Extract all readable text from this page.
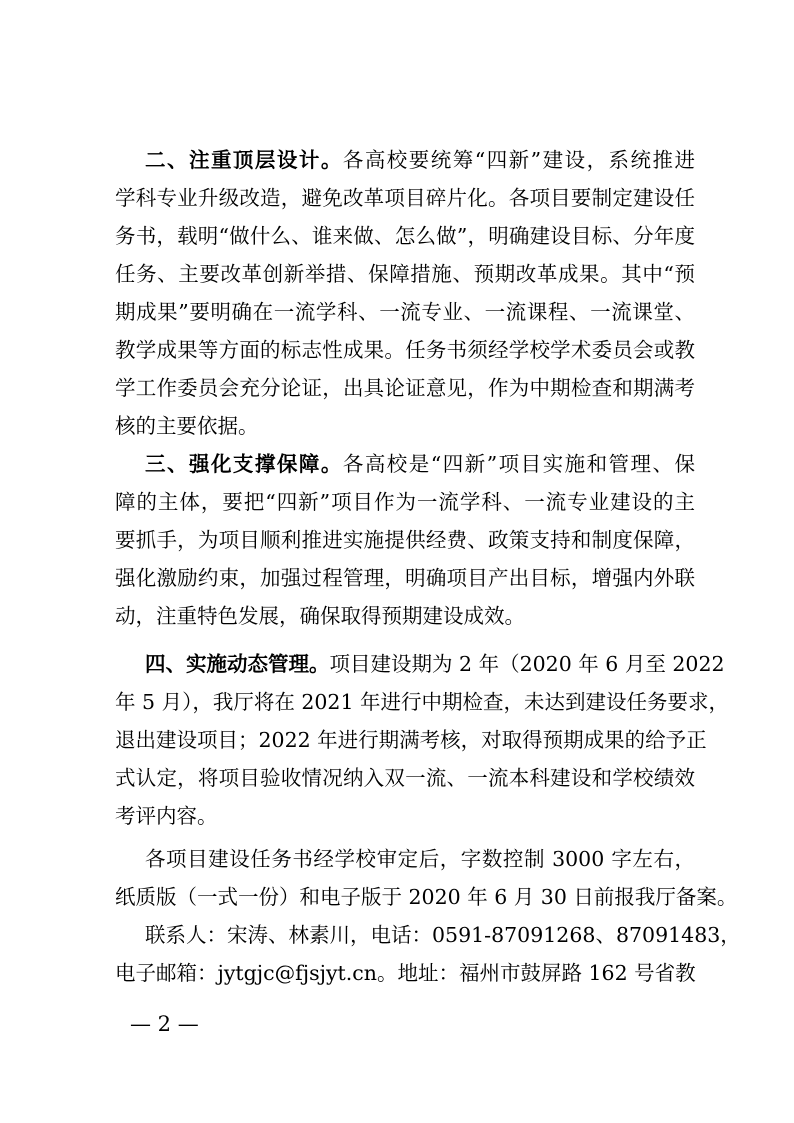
二、注重顶层设计。各高校要统筹“四新”建设，系统推进
学科专业升级改造，避免改革项目碎片化。各项目要制定建设任
务书，载明“做什么、谁来做、怎么做”，明确建设目标、分年度
任务、主要改革创新举措、保障措施、预期改革成果。其中“预
期成果”要明确在一流学科、一流专业、一流课程、一流课堂、
教学成果等方面的标志性成果。任务书须经学校学术委员会或教
学工作委员会充分论证，出具论证意见，作为中期检查和期满考
核的主要依据。
三、强化支撑保障。各高校是“四新”项目实施和管理、保
障的主体，要把“四新”项目作为一流学科、一流专业建设的主
要抓手，为项目顺利推进实施提供经费、政策支持和制度保障，
强化激励约束，加强过程管理，明确项目产出目标，增强内外联
动，注重特色发展，确保取得预期建设成效。
四、实施动态管理。项目建设期为 2 年（2020 年 6 月至 2022
年 5 月），我厅将在 2021 年进行中期检查，未达到建设任务要求，
退出建设项目；2022 年进行期满考核，对取得预期成果的给予正
式认定，将项目验收情况纳入双一流、一流本科建设和学校绩效
考评内容。
各项目建设任务书经学校审定后，字数控制 3000 字左右，
纸质版（一式一份）和电子版于 2020 年 6 月 30 日前报我厅备案。
联系人：宋涛、林素川，电话：0591-87091268、87091483，
电子邮箱：jytgjc@fjsjyt.cn。地址：福州市鼓屏路 162 号省教
— 2 —
